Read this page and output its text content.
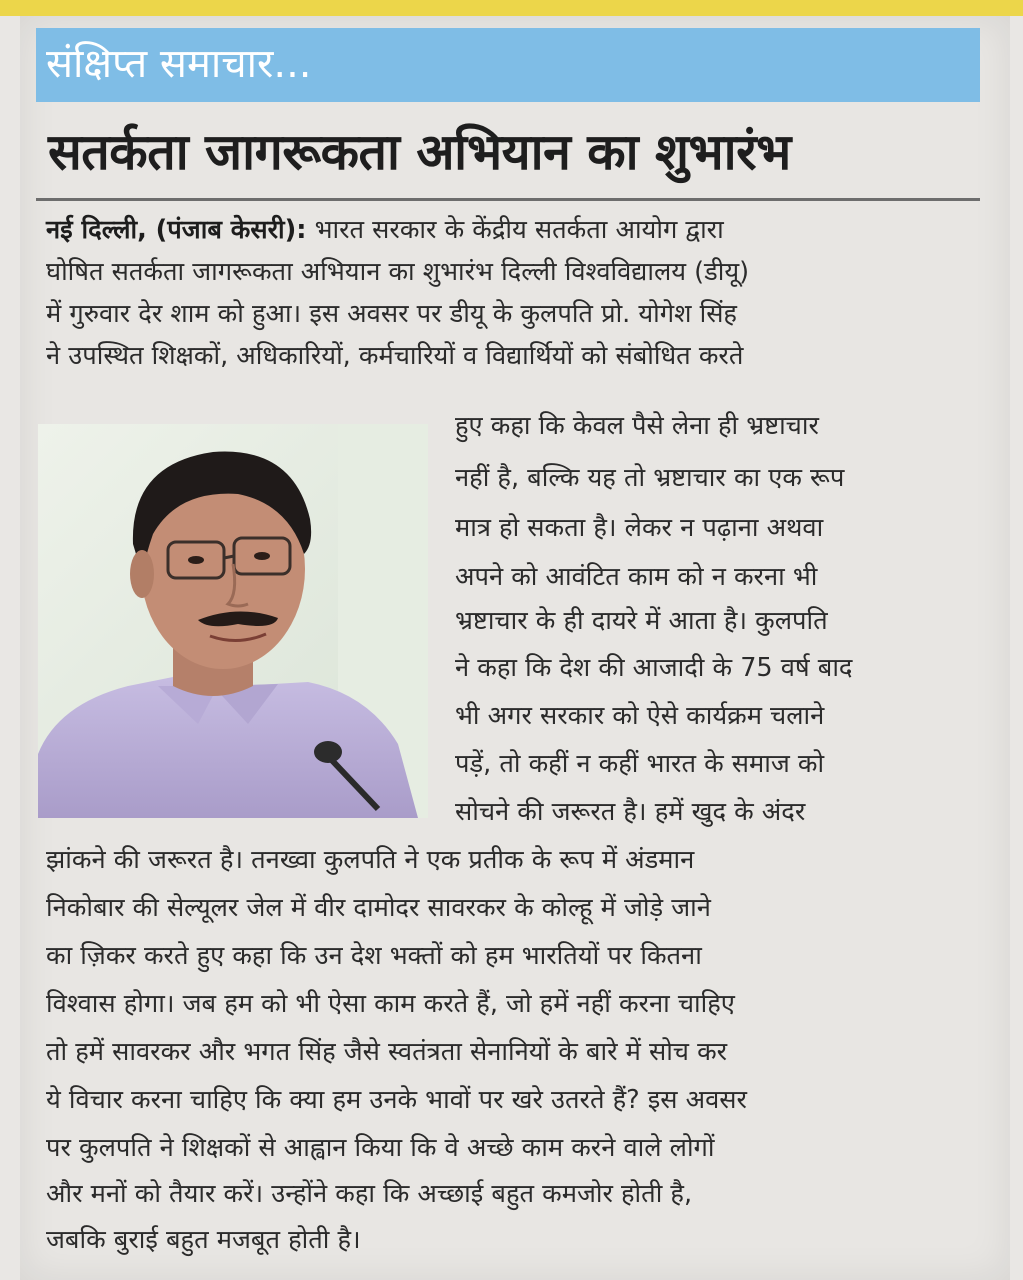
संक्षिप्त समाचार...
सतर्कता जागरूकता अभियान का शुभारंभ
नई दिल्ली, (पंजाब केसरी): भारत सरकार के केंद्रीय सतर्कता आयोग द्वारा
घोषित सतर्कता जागरूकता अभियान का शुभारंभ दिल्ली विश्वविद्यालय (डीयू)
में गुरुवार देर शाम को हुआ। इस अवसर पर डीयू के कुलपति प्रो. योगेश सिंह
ने उपस्थित शिक्षकों, अधिकारियों, कर्मचारियों व विद्यार्थियों को संबोधित करते
हुए कहा कि केवल पैसे लेना ही भ्रष्टाचार
नहीं है, बल्कि यह तो भ्रष्टाचार का एक रूप
मात्र हो सकता है। लेकर न पढ़ाना अथवा
अपने को आवंटित काम को न करना भी
भ्रष्टाचार के ही दायरे में आता है। कुलपति
ने कहा कि देश की आजादी के 75 वर्ष बाद
भी अगर सरकार को ऐसे कार्यक्रम चलाने
पड़ें, तो कहीं न कहीं भारत के समाज को
सोचने की जरूरत है। हमें खुद के अंदर
झांकने की जरूरत है। तनख्वा कुलपति ने एक प्रतीक के रूप में अंडमान
निकोबार की सेल्यूलर जेल में वीर दामोदर सावरकर के कोल्हू में जोड़े जाने
का ज़िकर करते हुए कहा कि उन देश भक्तों को हम भारतियों पर कितना
विश्वास होगा। जब हम को भी ऐसा काम करते हैं, जो हमें नहीं करना चाहिए
तो हमें सावरकर और भगत सिंह जैसे स्वतंत्रता सेनानियों के बारे में सोच कर
ये विचार करना चाहिए कि क्या हम उनके भावों पर खरे उतरते हैं? इस अवसर
पर कुलपति ने शिक्षकों से आह्वान किया कि वे अच्छे काम करने वाले लोगों
और मनों को तैयार करें। उन्होंने कहा कि अच्छाई बहुत कमजोर होती है,
जबकि बुराई बहुत मजबूत होती है।
